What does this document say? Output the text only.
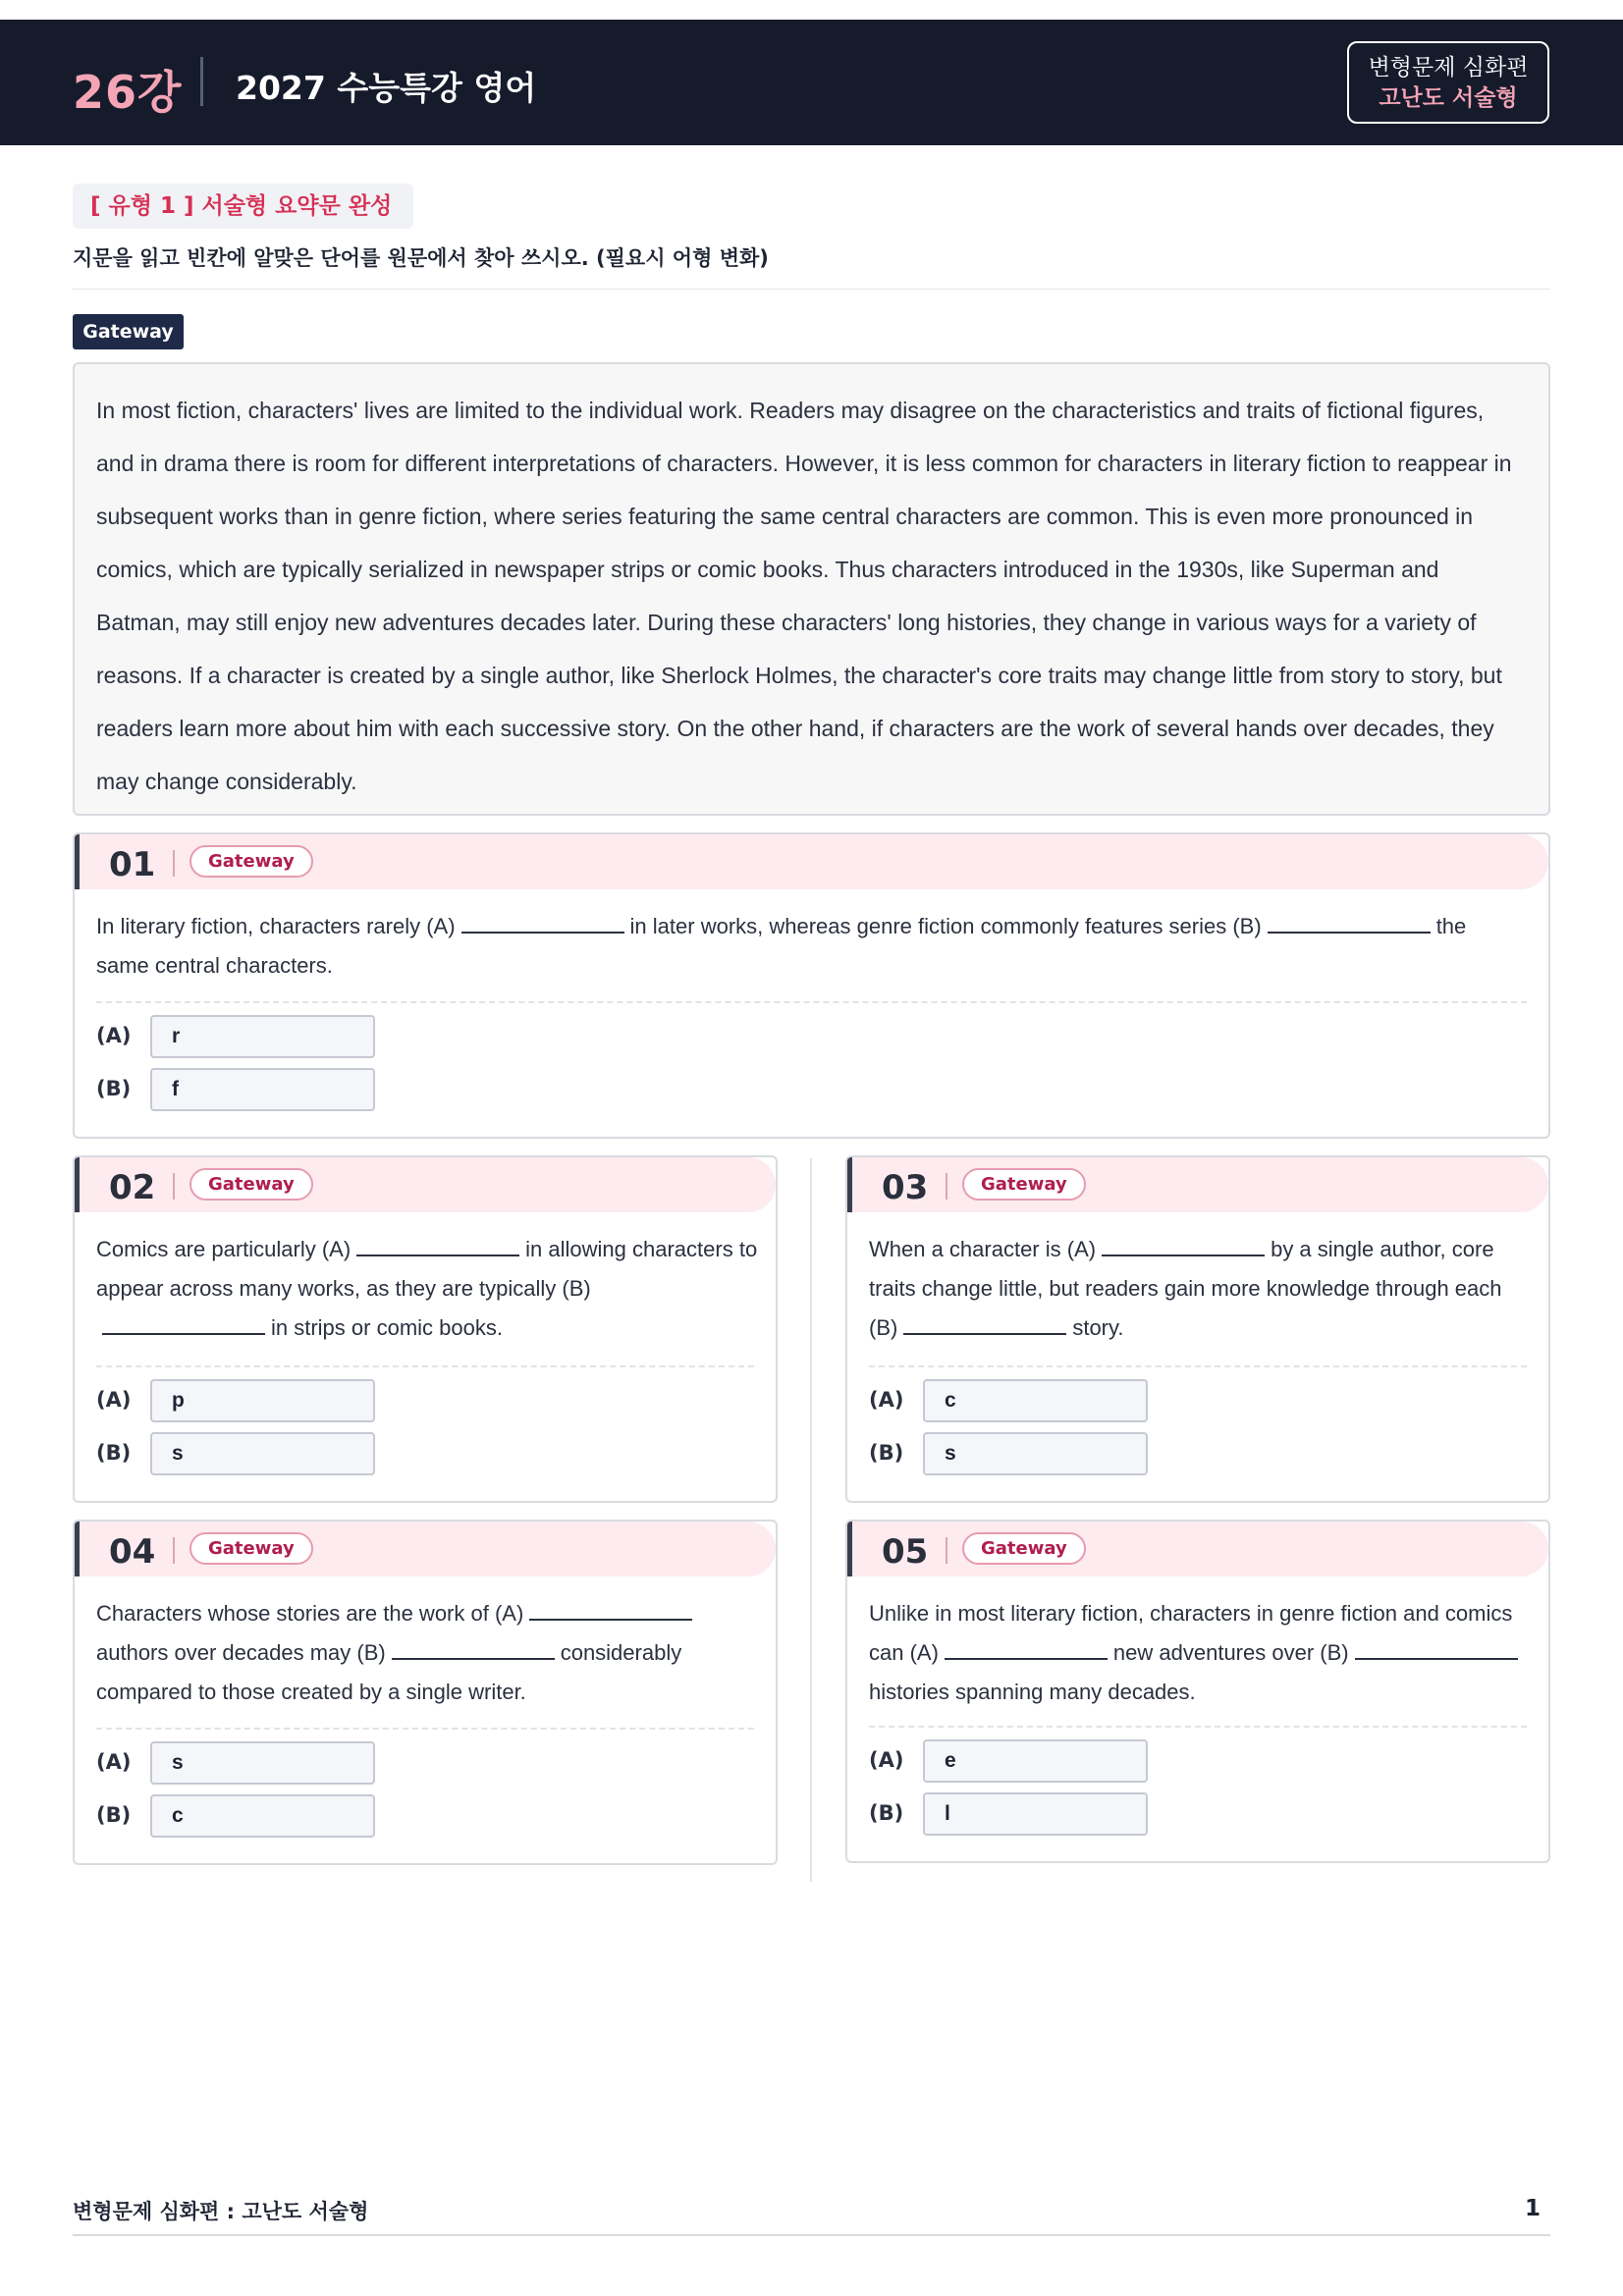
26강 2027 수능특강 영어
변형문제 심화편
고난도 서술형
[ 유형 1 ] 서술형 요약문 완성
지문을 읽고 빈칸에 알맞은 단어를 원문에서 찾아 쓰시오. (필요시 어형 변화)
Gateway
In most fiction, characters' lives are limited to the individual work. Readers may disagree on the characteristics and traits of fictional figures, and in drama there is room for different interpretations of characters. However, it is less common for characters in literary fiction to reappear in subsequent works than in genre fiction, where series featuring the same central characters are common. This is even more pronounced in comics, which are typically serialized in newspaper strips or comic books. Thus characters introduced in the 1930s, like Superman and Batman, may still enjoy new adventures decades later. During these characters' long histories, they change in various ways for a variety of reasons. If a character is created by a single author, like Sherlock Holmes, the character's core traits may change little from story to story, but readers learn more about him with each successive story. On the other hand, if characters are the work of several hands over decades, they may change considerably.
01	Gateway
In literary fiction, characters rarely (A)	in later works, whereas genre fiction commonly features series (B)	the same central characters.
(A)	r
(B)	f
02	Gateway
Comics are particularly (A)	in allowing characters to appear across many works, as they are typically (B)in strips or comic books.
(A)	p
(B)	s
03	Gateway
When a character is (A)	by a single author, core traits change little, but readers gain more knowledge through each (B)	story.
(A)	c
(B)	s
04	Gateway
Characters whose stories are the work of (A)authors over decades may (B)	considerably compared to those created by a single writer.
(A)	s
(B)	c
05	Gateway
Unlike in most literary fiction, characters in genre fiction and comics can (A)	new adventures over (B)histories spanning many decades.
(A)	e
(B)	l
변형문제 심화편 : 고난도 서술형	1
